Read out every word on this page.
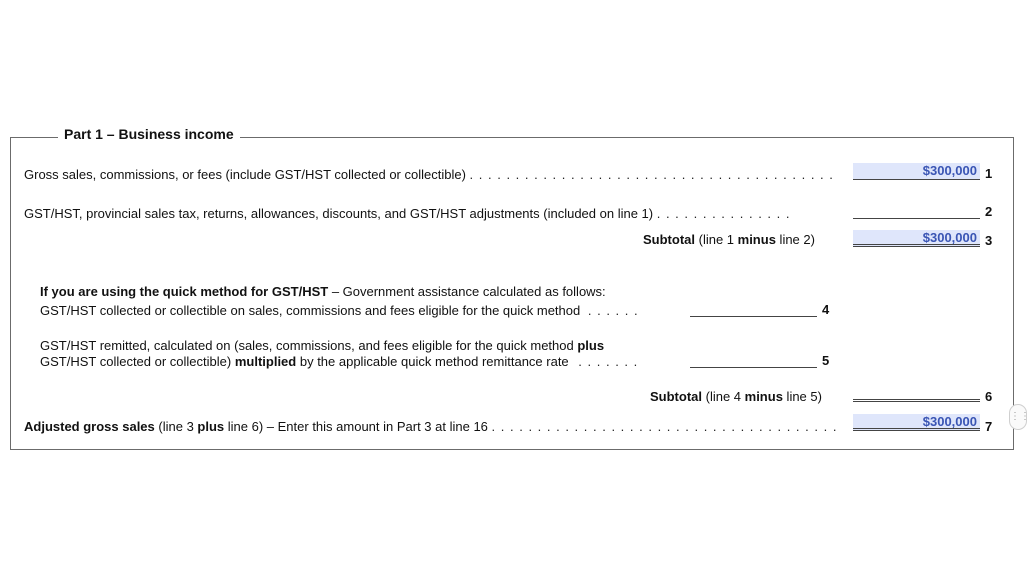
Part 1 – Business income
Gross sales, commissions, or fees (include GST/HST collected or collectible) . . . . . . . . . . . . . . . . . . . . . . . . . . . . . . . . . . . . . . . .	$300,000 1
GST/HST, provincial sales tax, returns, allowances, discounts, and GST/HST adjustments (included on line 1) . . . . . . . . . . . . . . .	2
Subtotal (line 1 minus line 2)	$300,000 3
If you are using the quick method for GST/HST – Government assistance calculated as follows:
GST/HST collected or collectible on sales, commissions and fees eligible for the quick method . . . . . .	4
GST/HST remitted, calculated on (sales, commissions, and fees eligible for the quick method plus
GST/HST collected or collectible) multiplied by the applicable quick method remittance rate . . . . . . .	5
Subtotal (line 4 minus line 5)	6
Adjusted gross sales (line 3 plus line 6) – Enter this amount in Part 3 at line 16 . . . . . . . . . . . . . . . . . . . . . . . . . . . . . . . . . . . . . .	$300,000 7
⋮⋮
